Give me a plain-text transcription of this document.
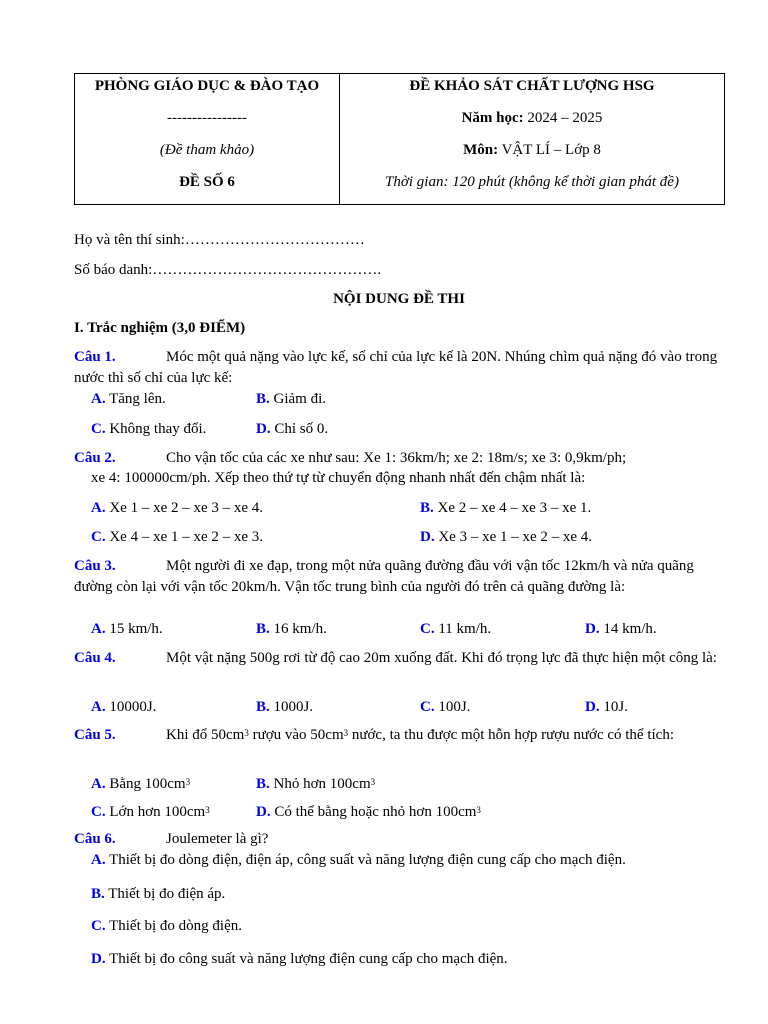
PHÒNG GIÁO DỤC & ĐÀO TẠO
----------------
(Đề tham khảo)
ĐỀ SỐ 6

ĐỀ KHẢO SÁT CHẤT LƯỢNG HSG
Năm học: 2024 – 2025
Môn: VẬT LÍ – Lớp 8
Thời gian: 120 phút (không kể thời gian phát đề)
Họ và tên thí sinh:………………………………
Số báo danh:……………………………………….
NỘI DUNG ĐỀ THI
I. Trắc nghiệm (3,0 ĐIỂM)
Câu 1.	Móc một quả nặng vào lực kế, số chỉ của lực kế là 20N. Nhúng chìm quả nặng đó vào trong nước thì số chỉ của lực kế:
A. Tăng lên.	B. Giảm đi.
C. Không thay đổi.	D. Chỉ số 0.
Câu 2.	Cho vận tốc của các xe như sau: Xe 1: 36km/h; xe 2: 18m/s; xe 3: 0,9km/ph;
xe 4: 100000cm/ph. Xếp theo thứ tự từ chuyển động nhanh nhất đến chậm nhất là:
A. Xe 1 – xe 2 – xe 3 – xe 4.	B. Xe 2 – xe 4 – xe 3 – xe 1.
C. Xe 4 – xe 1 – xe 2 – xe 3.	D. Xe 3 – xe 1 – xe 2 – xe 4.
Câu 3.	Một người đi xe đạp, trong một nửa quãng đường đầu với vận tốc 12km/h và nửa quãng đường còn lại với vận tốc 20km/h. Vận tốc trung bình của người đó trên cả quãng đường là:
A. 15 km/h.	B. 16 km/h.	C. 11 km/h.	D. 14 km/h.
Câu 4.	Một vật nặng 500g rơi từ độ cao 20m xuống đất. Khi đó trọng lực đã thực hiện một công là:
A. 10000J.	B. 1000J.	C. 100J.	D. 10J.
Câu 5.	Khi đổ $50cm^3$ rượu vào $50cm^3$ nước, ta thu được một hỗn hợp rượu nước có thể tích:
A. Bằng $100cm^3$	B. Nhỏ hơn $100cm^3$
C. Lớn hơn $100cm^3$	D. Có thể bằng hoặc nhỏ hơn $100cm^3$
Câu 6.	Joulemeter là gì?
A. Thiết bị đo dòng điện, điện áp, công suất và năng lượng điện cung cấp cho mạch điện.
B. Thiết bị đo điện áp.
C. Thiết bị đo dòng điện.
D. Thiết bị đo công suất và năng lượng điện cung cấp cho mạch điện.
